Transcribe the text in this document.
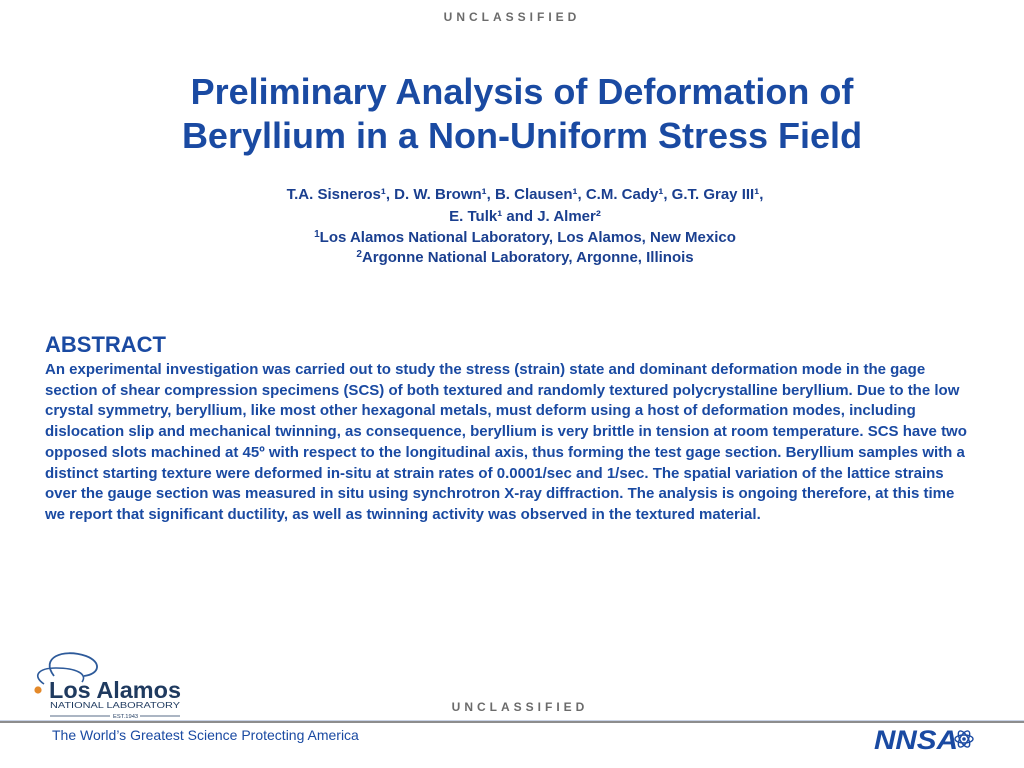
UNCLASSIFIED
Preliminary Analysis of Deformation of
Beryllium in a Non-Uniform Stress Field
T.A. Sisneros¹, D. W. Brown¹, B. Clausen¹, C.M. Cady¹, G.T. Gray III¹,
E. Tulk¹ and J. Almer²
$^1$Los Alamos National Laboratory, Los Alamos, New Mexico
$^2$Argonne National Laboratory, Argonne, Illinois
ABSTRACT
An experimental investigation was carried out to study the stress (strain) state and dominant deformation mode in the gage section of shear compression specimens (SCS) of both textured and randomly textured polycrystalline beryllium. Due to the low crystal symmetry, beryllium, like most other hexagonal metals, must deform using a host of deformation modes, including dislocation slip and mechanical twinning, as consequence, beryllium is very brittle in tension at room temperature. SCS have two opposed slots machined at 45º with respect to the longitudinal axis, thus forming the test gage section. Beryllium samples with a distinct starting texture were deformed in-situ at strain rates of 0.0001/sec and 1/sec. The spatial variation of the lattice strains over the gauge section was measured in situ using synchrotron X-ray diffraction. The analysis is ongoing therefore, at this time we report that significant ductility, as well as twinning activity was observed in the textured material.
Los Alamos
NATIONAL LABORATORY
EST.1943
UNCLASSIFIED
The World’s Greatest Science Protecting America	NNSA
